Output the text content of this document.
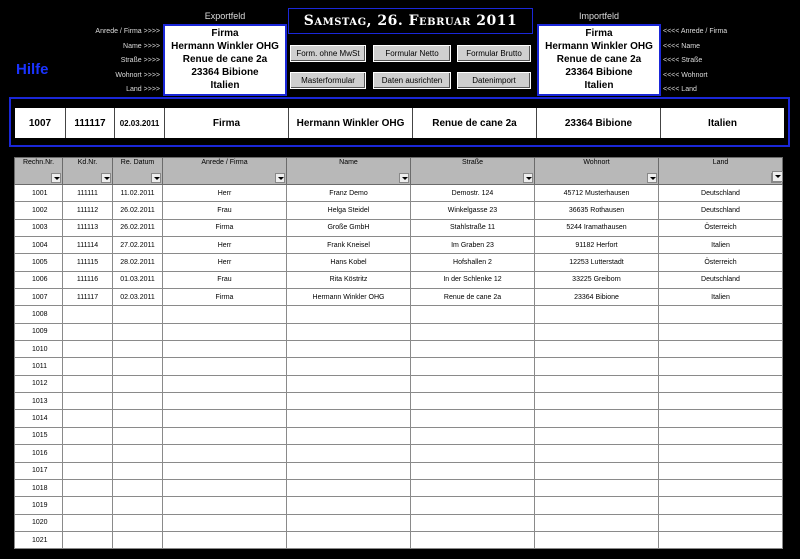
Anrede / Firma >>>>
Name >>>>
Straße >>>>
Wohnort >>>>
Land >>>>
Hilfe
Exportfeld
Firma
Hermann Winkler OHG
Renue de cane 2a
23364 Bibione
Italien
Samstag, 26. Februar 2011
Form. ohne MwSt	Formular Netto	Formular Brutto
Masterformular	Daten ausrichten	Datenimport
Importfeld
Firma
Hermann Winkler OHG
Renue de cane 2a
23364 Bibione
Italien
<<<< Anrede / Firma
<<<< Name
<<<< Straße
<<<< Wohnort
<<<< Land
1007	111117	02.03.2011	Firma	Hermann Winkler OHG	Renue de cane 2a	23364 Bibione	Italien
Rechn.Nr.	Kd.Nr.	Re. Datum	Anrede / Firma	Name	Straße	Wohnort	Land

1001	111111	11.02.2011	Herr	Franz Demo	Demostr. 124	45712 Musterhausen	Deutschland
1002	111112	26.02.2011	Frau	Helga Steidel	Winkelgasse 23	36635 Rothausen	Deutschland
1003	111113	26.02.2011	Firma	Große GmbH	Stahlstraße 11	5244 Iramathausen	Österreich
1004	111114	27.02.2011	Herr	Frank Kneisel	Im Graben 23	91182 Herfort	Italien
1005	111115	28.02.2011	Herr	Hans Kobel	Hofshallen 2	12253 Lutterstadt	Österreich
1006	111116	01.03.2011	Frau	Rita Köstritz	In der Schlenke 12	33225 Greiborn	Deutschland
1007	111117	02.03.2011	Firma	Hermann Winkler OHG	Renue de cane 2a	23364 Bibione	Italien
1008							
1009							
1010							
1011							
1012							
1013							
1014							
1015							
1016							
1017							
1018							
1019							
1020							
1021							
